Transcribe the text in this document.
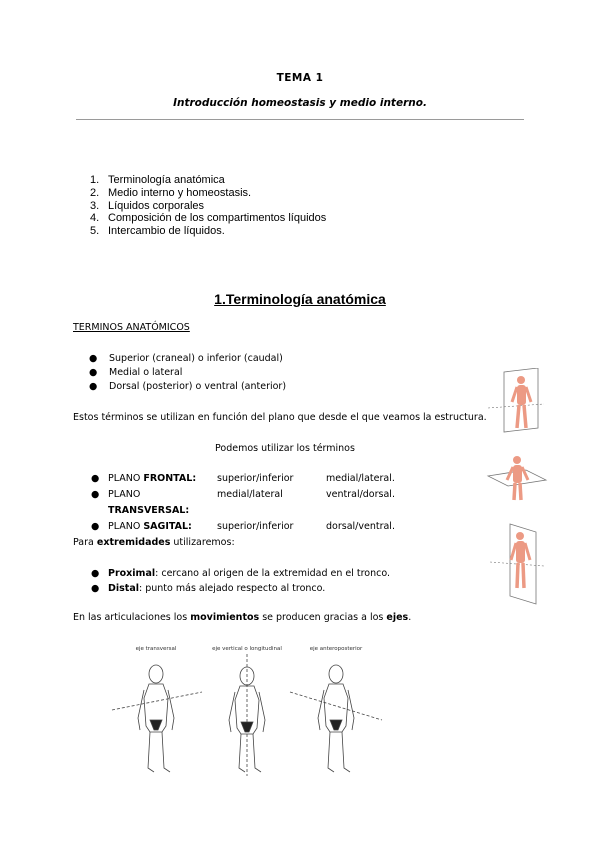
TEMA 1
Introducción homeostasis y medio interno.
1. Terminología anatómica
2. Medio interno y homeostasis.
3. Líquidos corporales
4. Composición de los compartimentos líquidos
5. Intercambio de líquidos.
1.Terminología anatómica
TERMINOS ANATÓMICOS
●	Superior (craneal) o inferior (caudal)
●	Medial o lateral
●	Dorsal (posterior) o ventral (anterior)
Estos términos se utilizan en función del plano que desde el que veamos la estructura.
Podemos utilizar los términos
● PLANO FRONTAL:	superior/inferior	medial/lateral.
● PLANO TRANSVERSAL:
medial/lateral	ventral/dorsal.
● PLANO SAGITAL:	superior/inferior	dorsal/ventral.
Para extremidades utilizaremos:
● Proximal: cercano al origen de la extremidad en el tronco.
● Distal: punto más alejado respecto al tronco.
En las articulaciones los movimientos se producen gracias a los ejes.
eje transversal	eje vertical o longitudinal	eje anteroposterior
